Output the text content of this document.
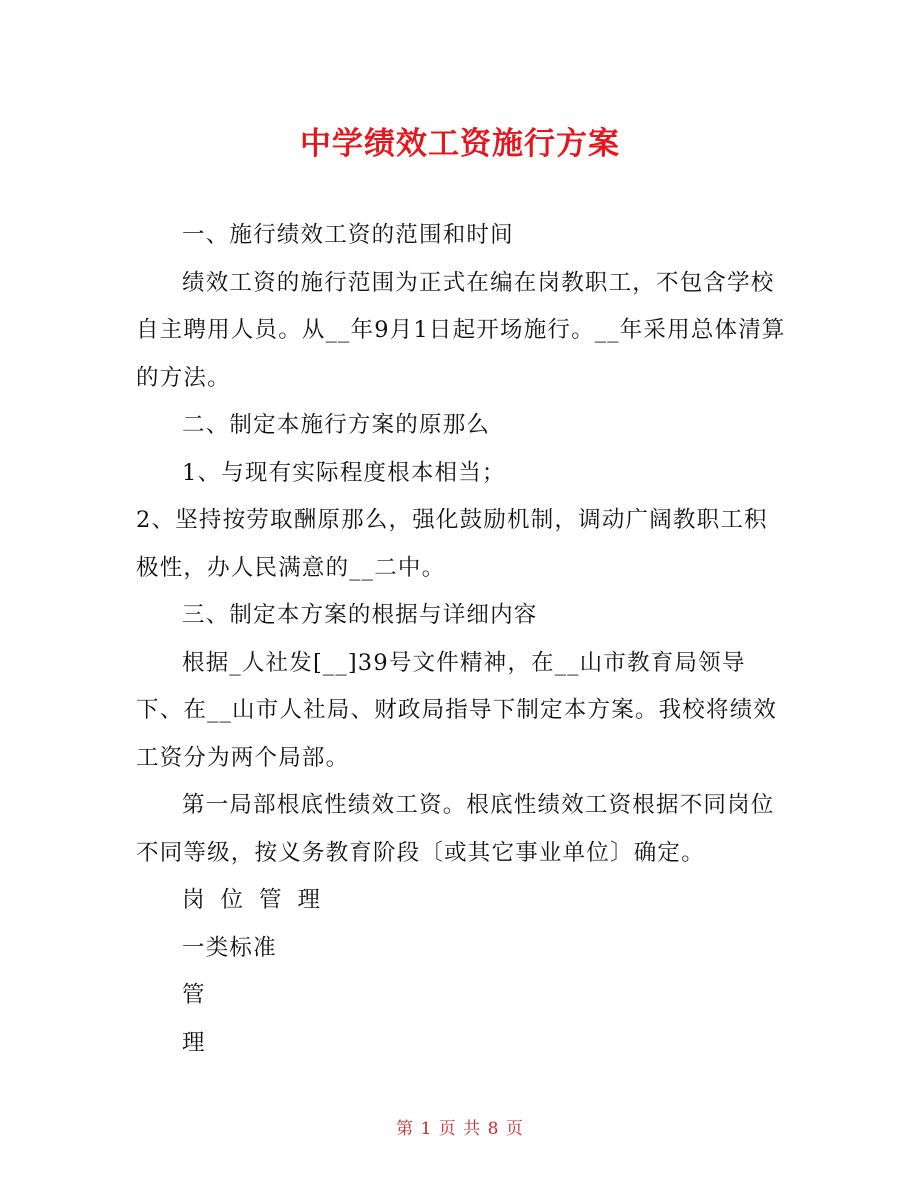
中学绩效工资施行方案

一、施行绩效工资的范围和时间

绩效工资的施行范围为正式在编在岗教职工，不包含学校自主聘用人员。从__年9月1日起开场施行。__年采用总体清算的方法。

二、制定本施行方案的原那么

1、与现有实际程度根本相当；

2、坚持按劳取酬原那么，强化鼓励机制，调动广阔教职工积极性，办人民满意的__二中。

三、制定本方案的根据与详细内容

根据_人社发[__]39号文件精神，在__山市教育局领导下、在__山市人社局、财政局指导下制定本方案。我校将绩效工资分为两个局部。

第一局部根底性绩效工资。根底性绩效工资根据不同岗位不同等级，按义务教育阶段〔或其它事业单位〕确定。

岗位管理

一类标准

管

理

第 1 页 共 8 页
